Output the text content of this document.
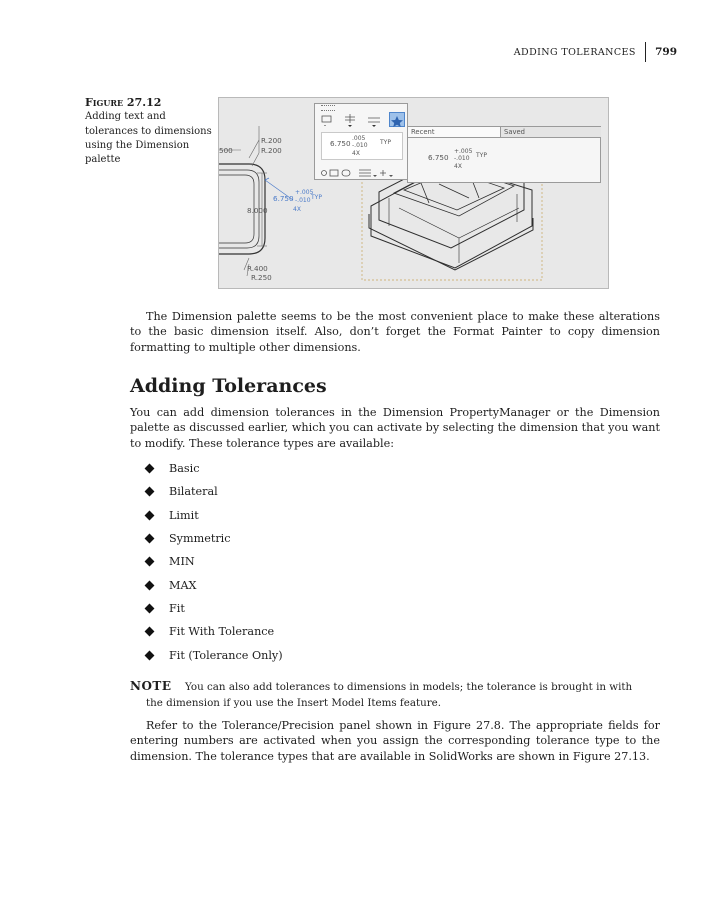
ADDING TOLERANCES	799
Figure 27.12
Adding text and tolerances to dimensions using the Dimension palette
R.200
R.200
500
8.000
R.400
R.250
6.750
+.005
-.010 TYP
4X
6.750
.005
-.010 TYP
4X
Recent	Saved
6.750
+.005
-.010 TYP
4X

The Dimension palette seems to be the most convenient place to make these alterations to the basic dimension itself. Also, don’t forget the Format Painter to copy dimension formatting to multiple other dimensions.

Adding Tolerances

You can add dimension tolerances in the Dimension PropertyManager or the Dimension palette as discussed earlier, which you can activate by selecting the dimension that you want to modify. These tolerance types are available:

Basic
Bilateral
Limit
Symmetric
MIN
MAX
Fit
Fit With Tolerance
Fit (Tolerance Only)
NOTE	You can also add tolerances to dimensions in models; the tolerance is brought in with the dimension if you use the Insert Model Items feature.

Refer to the Tolerance/Precision panel shown in Figure 27.8. The appropriate fields for entering numbers are activated when you assign the corresponding tolerance type to the dimension. The tolerance types that are available in SolidWorks are shown in Figure 27.13.
